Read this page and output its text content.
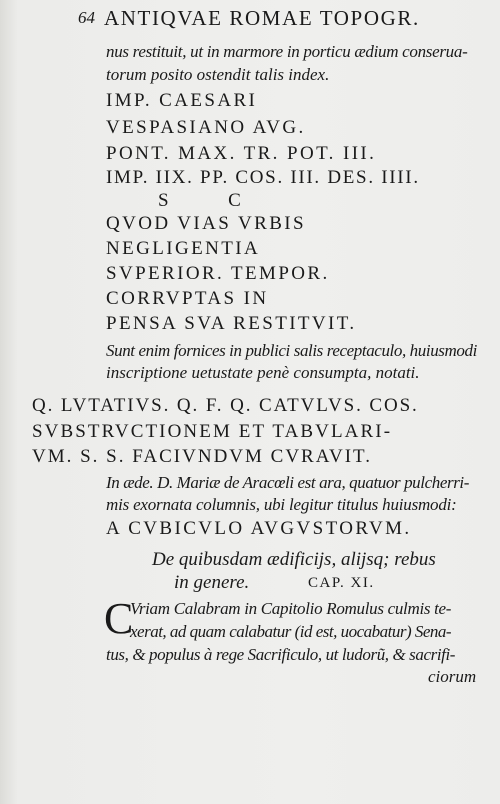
64 ANTIQVAE ROMAE TOPOGR.
nus restituit, ut in marmore in porticu ædium conserua-
torum posito ostendit talis index.
IMP. CAESARI
VESPASIANO AVG.
PONT. MAX. TR. POT. III.
IMP. IIX. PP. COS. III. DES. IIII.
S        C
QVOD VIAS VRBIS
NEGLIGENTIA
SVPERIOR. TEMPOR.
CORRVPTAS IN
PENSA SVA RESTITVIT.
Sunt enim fornices in publici salis receptaculo, huiusmodi
inscriptione uetustate penè consumpta, notati.
Q. LVTATIVS. Q. F. Q. CATVLVS. COS.
SVBSTRVCTIONEM ET TABVLARI-
VM. S. S. FACIVNDVM CVRAVIT.
In æde. D. Mariæ de Aracœli est ara, quatuor pulcherri-
mis exornata columnis, ubi legitur titulus huiusmodi:
A CVBICVLO AVGVSTORVM.
De quibusdam ædificijs, alijsq; rebus
in genere.	CAP. XI.
C
Vriam Calabram in Capitolio Romulus culmis te-
xerat, ad quam calabatur (id est, uocabatur) Sena-
tus, & populus à rege Sacrificulo, ut ludorũ, & sacrifi-
ciorum
